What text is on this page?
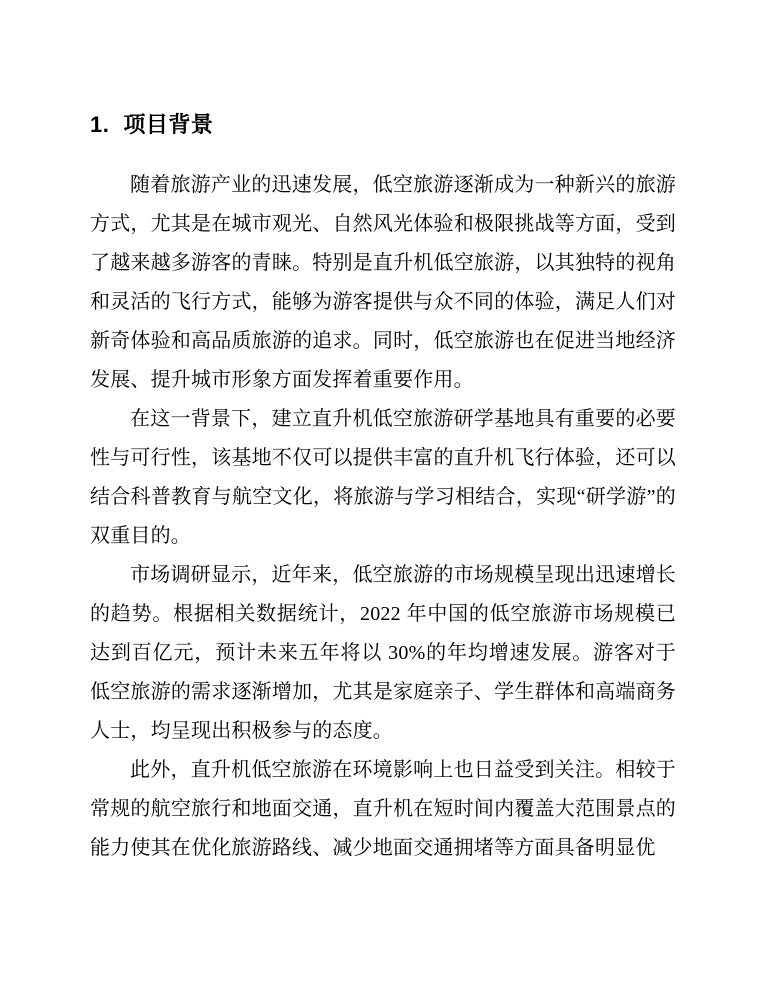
1. 项目背景

随着旅游产业的迅速发展，低空旅游逐渐成为一种新兴的旅游方式，尤其是在城市观光、自然风光体验和极限挑战等方面，受到了越来越多游客的青睐。特别是直升机低空旅游，以其独特的视角和灵活的飞行方式，能够为游客提供与众不同的体验，满足人们对新奇体验和高品质旅游的追求。同时，低空旅游也在促进当地经济发展、提升城市形象方面发挥着重要作用。

在这一背景下，建立直升机低空旅游研学基地具有重要的必要性与可行性，该基地不仅可以提供丰富的直升机飞行体验，还可以结合科普教育与航空文化，将旅游与学习相结合，实现“研学游”的双重目的。

市场调研显示，近年来，低空旅游的市场规模呈现出迅速增长的趋势。根据相关数据统计，2022 年中国的低空旅游市场规模已达到百亿元，预计未来五年将以 30%的年均增速发展。游客对于低空旅游的需求逐渐增加，尤其是家庭亲子、学生群体和高端商务人士，均呈现出积极参与的态度。

此外，直升机低空旅游在环境影响上也日益受到关注。相较于常规的航空旅行和地面交通，直升机在短时间内覆盖大范围景点的能力使其在优化旅游路线、减少地面交通拥堵等方面具备明显优
